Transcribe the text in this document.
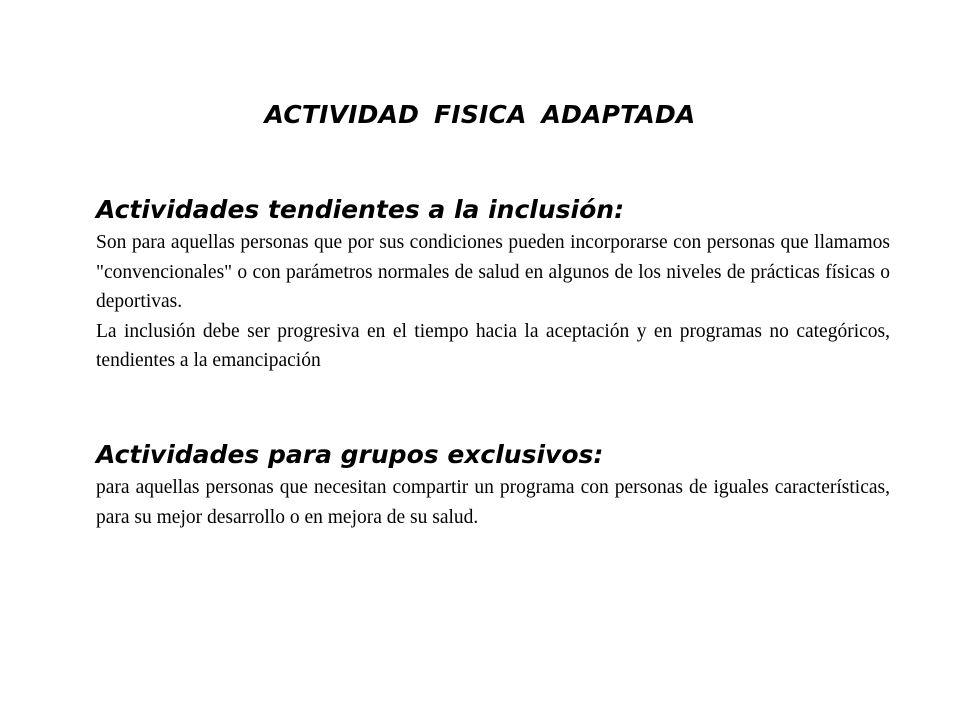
ACTIVIDAD FISICA ADAPTADA
Actividades tendientes a la inclusión:

Son para aquellas personas que por sus condiciones pueden incorporarse con personas que llamamos "convencionales" o con parámetros normales de salud en algunos de los niveles de prácticas físicas o deportivas.

La inclusión debe ser progresiva en el tiempo hacia la aceptación y en programas no categóricos, tendientes a la emancipación

Actividades para grupos exclusivos:

para aquellas personas que necesitan compartir un programa con personas de iguales características, para su mejor desarrollo o en mejora de su salud.
